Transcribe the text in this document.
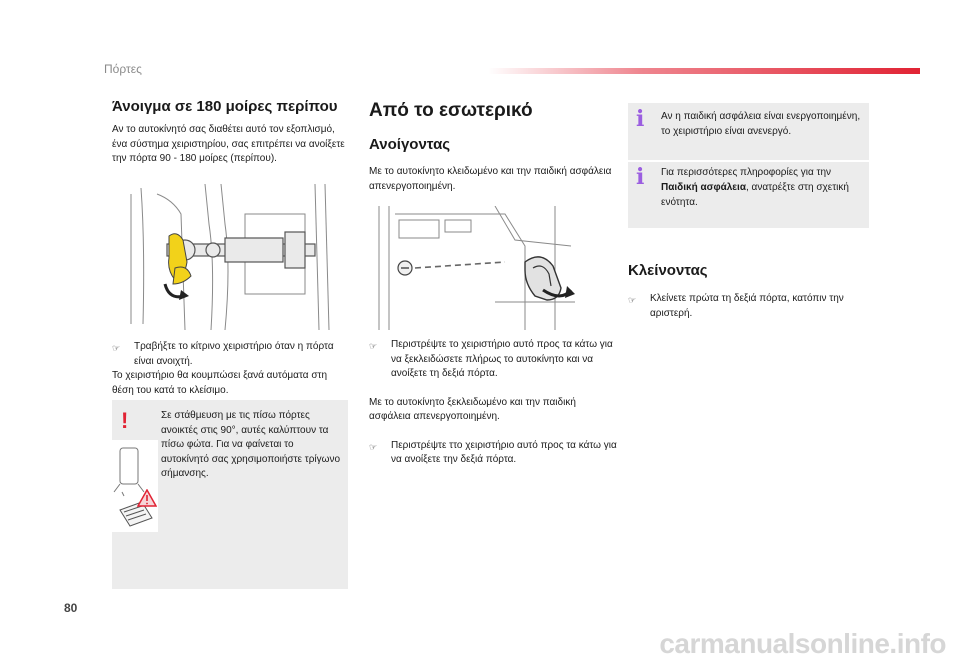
Πόρτες
Άνοιγμα σε 180 μοίρες περίπου

Αν το αυτοκίνητό σας διαθέτει αυτό τον εξοπλισμό, ένα σύστημα χειριστηρίου, σας επιτρέπει να ανοίξετε την πόρτα 90 - 180 μοίρες (περίπου).

☞	Τραβήξτε το κίτρινο χειριστήριο όταν η πόρτα είναι ανοιχτή.

Το χειριστήριο θα κουμπώσει ξανά αυτόματα στη θέση του κατά το κλείσιμο.

!	Σε στάθμευση με τις πίσω πόρτες ανοικτές στις 90°, αυτές καλύπτουν τα πίσω φώτα. Για να φαίνεται το αυτοκίνητό σας χρησιμοποιήστε τρίγωνο σήμανσης.
Από το εσωτερικό
Ανοίγοντας

Με το αυτοκίνητο κλειδωμένο και την παιδική ασφάλεια απενεργοποιημένη.

☞	Περιστρέψτε το χειριστήριο αυτό προς τα κάτω για να ξεκλειδώσετε πλήρως το αυτοκίνητο και να ανοίξετε τη δεξιά πόρτα.

Με το αυτοκίνητο ξεκλειδωμένο και την παιδική ασφάλεια απενεργοποιημένη.

☞	Περιστρέψτε ττο χειριστήριο αυτό προς τα κάτω για να ανοίξετε την δεξιά πόρτα.
i Αν η παιδική ασφάλεια είναι ενεργοποιημένη, το χειριστήριο είναι ανενεργό.
i Για περισσότερες πληροφορίες για την Παιδική ασφάλεια, ανατρέξτε στη σχετική ενότητα.
Κλείνοντας
☞	Κλείνετε πρώτα τη δεξιά πόρτα, κατόπιν την αριστερή.
80
carmanualsonline.info
